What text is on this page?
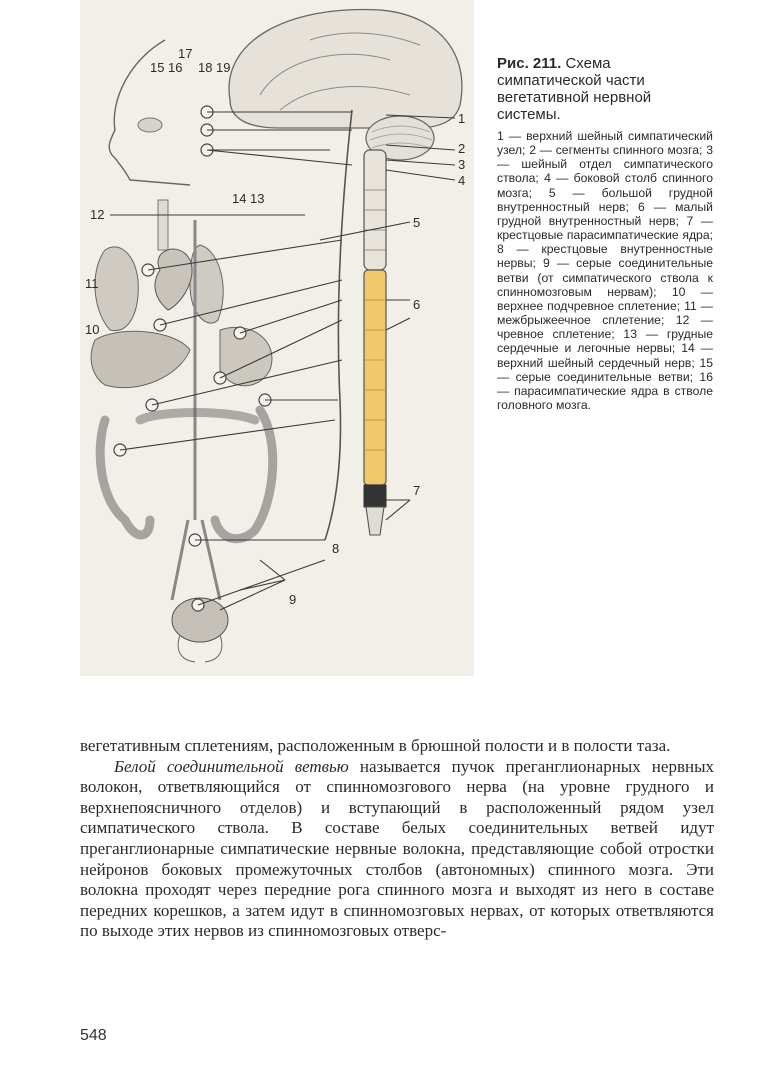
15 16
17
18 19
1
2
3
4
14 13
12
5
11
6
10
7
8
9

Рис. 211. Схема симпатической части вегетативной нервной системы.

1 — верхний шейный симпатический узел; 2 — сегменты спинного мозга; 3 — шейный отдел симпатического ствола; 4 — боковой столб спинного мозга; 5 — большой грудной внутренностный нерв; 6 — малый грудной внутренностный нерв; 7 — крестцовые парасимпатические ядра; 8 — крестцовые внутренностные нервы; 9 — серые соединительные ветви (от симпатического ствола к спинномозговым нервам); 10 — верхнее подчревное сплетение; 11 — межбрыжеечное сплетение; 12 — чревное сплетение; 13 — грудные сердечные и легочные нервы; 14 — верхний шейный сердечный нерв; 15 — серые соединительные ветви; 16 — парасимпатические ядра в стволе головного мозга.

вегетативным сплетениям, расположенным в брюшной полости и в полости таза.

Белой соединительной ветвью называется пучок преганглионарных нервных волокон, ответвляющийся от спинномозгового нерва (на уровне грудного и верхнепоясничного отделов) и вступающий в расположенный рядом узел симпатического ствола. В составе белых соединительных ветвей идут преганглионарные симпатические нервные волокна, представляющие собой отростки нейронов боковых промежуточных столбов (автономных) спинного мозга. Эти волокна проходят через передние рога спинного мозга и выходят из него в составе передних корешков, а затем идут в спинномозговых нервах, от которых ответвляются по выходе этих нервов из спинномозговых отверс-

548
